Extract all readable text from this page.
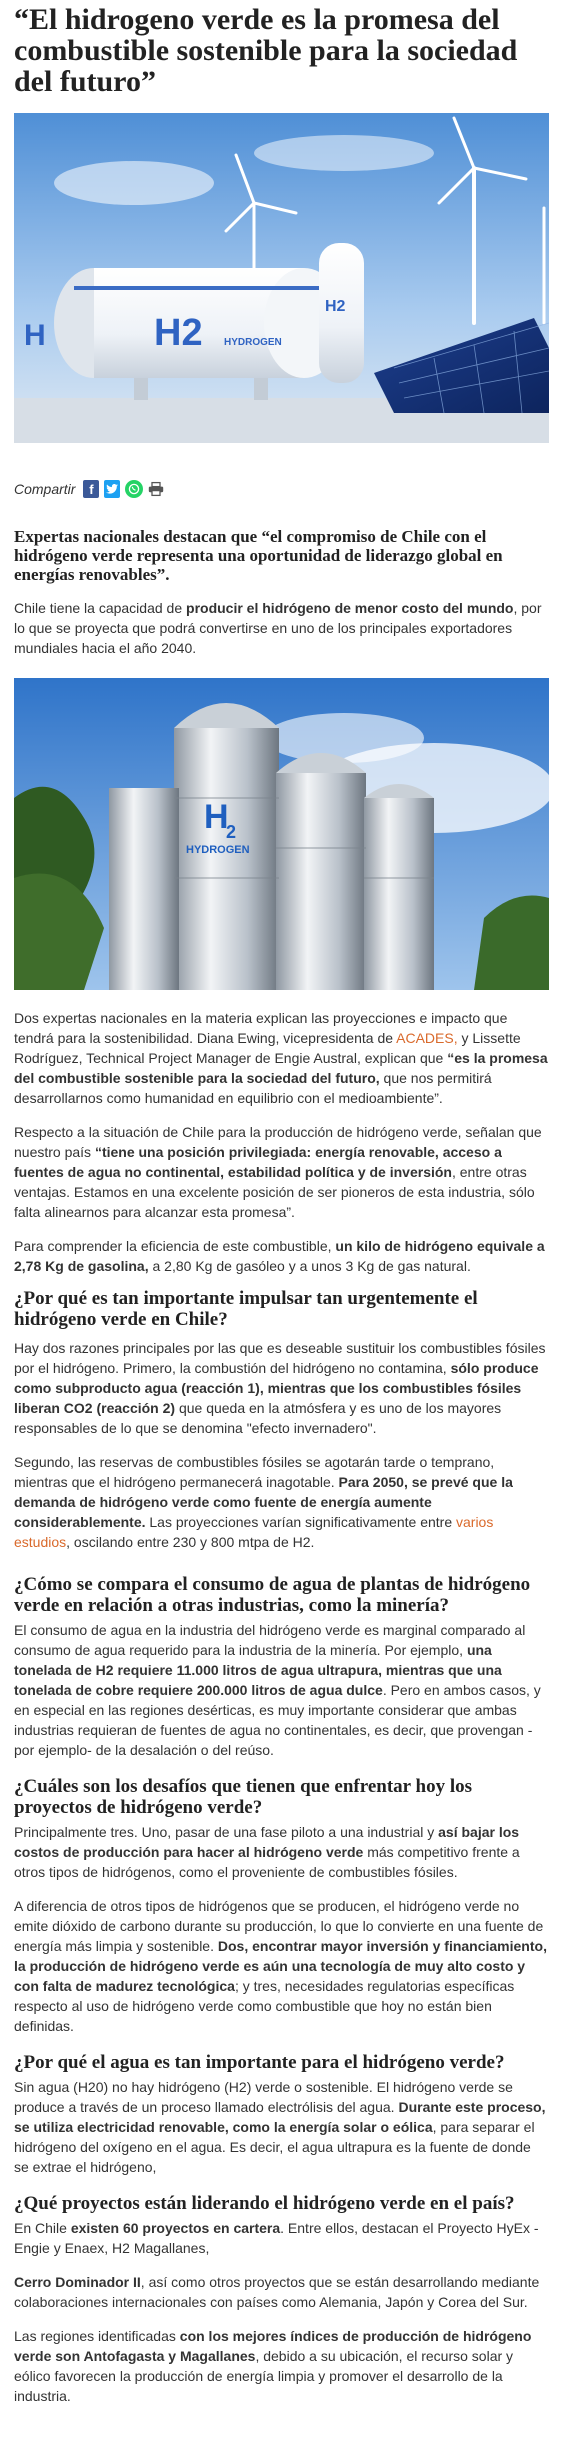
“El hidrogeno verde es la promesa del combustible sostenible para la sociedad del futuro”
H2 HYDROGEN
H
H2
Compartir	f

Expertas nacionales destacan que “el compromiso de Chile con el hidrógeno verde representa una oportunidad de liderazgo global en energías renovables”.

Chile tiene la capacidad de producir el hidrógeno de menor costo del mundo, por lo que se proyecta que podrá convertirse en uno de los principales exportadores mundiales hacia el año 2040.

H
2
HYDROGEN

Dos expertas nacionales en la materia explican las proyecciones e impacto que tendrá para la sostenibilidad. Diana Ewing, vicepresidenta de ACADES, y Lissette Rodríguez, Technical Project Manager de Engie Austral, explican que “es la promesa del combustible sostenible para la sociedad del futuro, que nos permitirá desarrollarnos como humanidad en equilibrio con el medioambiente”.

Respecto a la situación de Chile para la producción de hidrógeno verde, señalan que nuestro país “tiene una posición privilegiada: energía renovable, acceso a fuentes de agua no continental, estabilidad política y de inversión, entre otras ventajas. Estamos en una excelente posición de ser pioneros de esta industria, sólo falta alinearnos para alcanzar esta promesa”.

Para comprender la eficiencia de este combustible, un kilo de hidrógeno equivale a 2,78 Kg de gasolina, a 2,80 Kg de gasóleo y a unos 3 Kg de gas natural.

¿Por qué es tan importante impulsar tan urgentemente el hidrógeno verde en Chile?

Hay dos razones principales por las que es deseable sustituir los combustibles fósiles por el hidrógeno. Primero, la combustión del hidrógeno no contamina, sólo produce como subproducto agua (reacción 1), mientras que los combustibles fósiles liberan CO2 (reacción 2) que queda en la atmósfera y es uno de los mayores responsables de lo que se denomina "efecto invernadero".

Segundo, las reservas de combustibles fósiles se agotarán tarde o temprano, mientras que el hidrógeno permanecerá inagotable. Para 2050, se prevé que la demanda de hidrógeno verde como fuente de energía aumente considerablemente. Las proyecciones varían significativamente entre varios estudios, oscilando entre 230 y 800 mtpa de H2.

¿Cómo se compara el consumo de agua de plantas de hidrógeno verde en relación a otras industrias, como la minería?

El consumo de agua en la industria del hidrógeno verde es marginal comparado al consumo de agua requerido para la industria de la minería. Por ejemplo, una tonelada de H2 requiere 11.000 litros de agua ultrapura, mientras que una tonelada de cobre requiere 200.000 litros de agua dulce. Pero en ambos casos, y en especial en las regiones desérticas, es muy importante considerar que ambas industrias requieran de fuentes de agua no continentales, es decir, que provengan -por ejemplo- de la desalación o del reúso.

¿Cuáles son los desafíos que tienen que enfrentar hoy los proyectos de hidrógeno verde?

Principalmente tres. Uno, pasar de una fase piloto a una industrial y así bajar los costos de producción para hacer al hidrógeno verde más competitivo frente a otros tipos de hidrógenos, como el proveniente de combustibles fósiles.

A diferencia de otros tipos de hidrógenos que se producen, el hidrógeno verde no emite dióxido de carbono durante su producción, lo que lo convierte en una fuente de energía más limpia y sostenible. Dos, encontrar mayor inversión y financiamiento, la producción de hidrógeno verde es aún una tecnología de muy alto costo y con falta de madurez tecnológica; y tres, necesidades regulatorias específicas respecto al uso de hidrógeno verde como combustible que hoy no están bien definidas.

¿Por qué el agua es tan importante para el hidrógeno verde?

Sin agua (H20) no hay hidrógeno (H2) verde o sostenible. El hidrógeno verde se produce a través de un proceso llamado electrólisis del agua. Durante este proceso, se utiliza electricidad renovable, como la energía solar o eólica, para separar el hidrógeno del oxígeno en el agua. Es decir, el agua ultrapura es la fuente de donde se extrae el hidrógeno,

¿Qué proyectos están liderando el hidrógeno verde en el país?

En Chile existen 60 proyectos en cartera. Entre ellos, destacan el Proyecto HyEx - Engie y Enaex, H2 Magallanes,

Cerro Dominador II, así como otros proyectos que se están desarrollando mediante colaboraciones internacionales con países como Alemania, Japón y Corea del Sur.

Las regiones identificadas con los mejores índices de producción de hidrógeno verde son Antofagasta y Magallanes, debido a su ubicación, el recurso solar y eólico favorecen la producción de energía limpia y promover el desarrollo de la industria.
